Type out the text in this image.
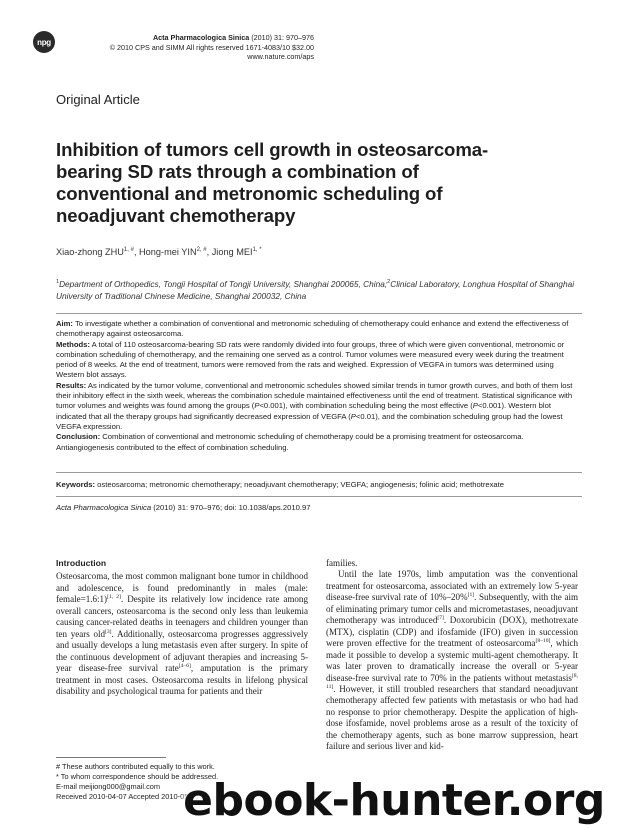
npg	Acta Pharmacologica Sinica (2010) 31: 970–976
© 2010 CPS and SIMM All rights reserved 1671-4083/10 $32.00
www.nature.com/aps
Original Article
Inhibition of tumors cell growth in osteosarcoma-
bearing SD rats through a combination of
conventional and metronomic scheduling of
neoadjuvant chemotherapy
Xiao-zhong $ZHU^{1, \#}$, Hong-mei $YIN^{2, \#}$, Jiong $MEI^{1, *}$
$^1$Department of Orthopedics, Tongji Hospital of Tongji University, Shanghai 200065, China;$^2$Clinical Laboratory, Longhua Hospital of Shanghai University of Traditional Chinese Medicine, Shanghai 200032, China

Aim: To investigate whether a combination of conventional and metronomic scheduling of chemotherapy could enhance and extend the effectiveness of chemotherapy against osteosarcoma.

Methods: A total of 110 osteosarcoma-bearing SD rats were randomly divided into four groups, three of which were given conventional, metronomic or combination scheduling of chemotherapy, and the remaining one served as a control. Tumor volumes were measured every week during the treatment period of 8 weeks. At the end of treatment, tumors were removed from the rats and weighed. Expression of VEGFA in tumors was determined using Western blot assays.

Results: As indicated by the tumor volume, conventional and metronomic schedules showed similar trends in tumor growth curves, and both of them lost their inhibitory effect in the sixth week, whereas the combination schedule maintained effectiveness until the end of treatment. Statistical significance with tumor volumes and weights was found among the groups (P<0.001), with combination scheduling being the most effective (P<0.001). Western blot indicated that all the therapy groups had significantly decreased expression of VEGFA (P<0.01), and the combination scheduling group had the lowest VEGFA expression.

Conclusion: Combination of conventional and metronomic scheduling of chemotherapy could be a promising treatment for osteosarcoma. Antiangiogenesis contributed to the effect of combination scheduling.

Keywords: osteosarcoma; metronomic chemotherapy; neoadjuvant chemotherapy; VEGFA; angiogenesis; folinic acid; methotrexate
Acta Pharmacologica Sinica (2010) 31: 970–976; doi: 10.1038/aps.2010.97
Introduction

Osteosarcoma, the most common malignant bone tumor in childhood and adolescence, is found predominantly in males (male: female=1.6:1)[1, 2]. Despite its relatively low incidence rate among overall cancers, osteosarcoma is the second only less than leukemia causing cancer-related deaths in teenagers and children younger than ten years old[3]. Additionally, osteosarcoma progresses aggressively and usually develops a lung metastasis even after surgery. In spite of the continuous development of adjuvant therapies and increasing 5-year disease-free survival rate[4–6], amputation is the primary treatment in most cases. Osteosarcoma results in lifelong physical disability and psychological trauma for patients and their

families.

Until the late 1970s, limb amputation was the conventional treatment for osteosarcoma, associated with an extremely low 5-year disease-free survival rate of 10%–20%[1]. Subsequently, with the aim of eliminating primary tumor cells and micrometastases, neoadjuvant chemotherapy was introduced[7]. Doxorubicin (DOX), methotrexate (MTX), cisplatin (CDP) and ifosfamide (IFO) given in succession were proven effective for the treatment of osteosarcoma[8–10], which made it possible to develop a systemic multi-agent chemotherapy. It was later proven to dramatically increase the overall or 5-year disease-free survival rate to 70% in the patients without metastasis[8, 11]. However, it still troubled researchers that standard neoadjuvant chemotherapy affected few patients with metastasis or who had had no response to prior chemotherapy. Despite the application of high-dose ifosfamide, novel problems arose as a result of the toxicity of the chemotherapy agents, such as bone marrow suppression, heart failure and serious liver and kid-

# These authors contributed equally to this work.

* To whom correspondence should be addressed.

E-mail meijiong000@gmail.com

Received 2010-04-07 Accepted 2010-05-21

ebook-hunter.org
